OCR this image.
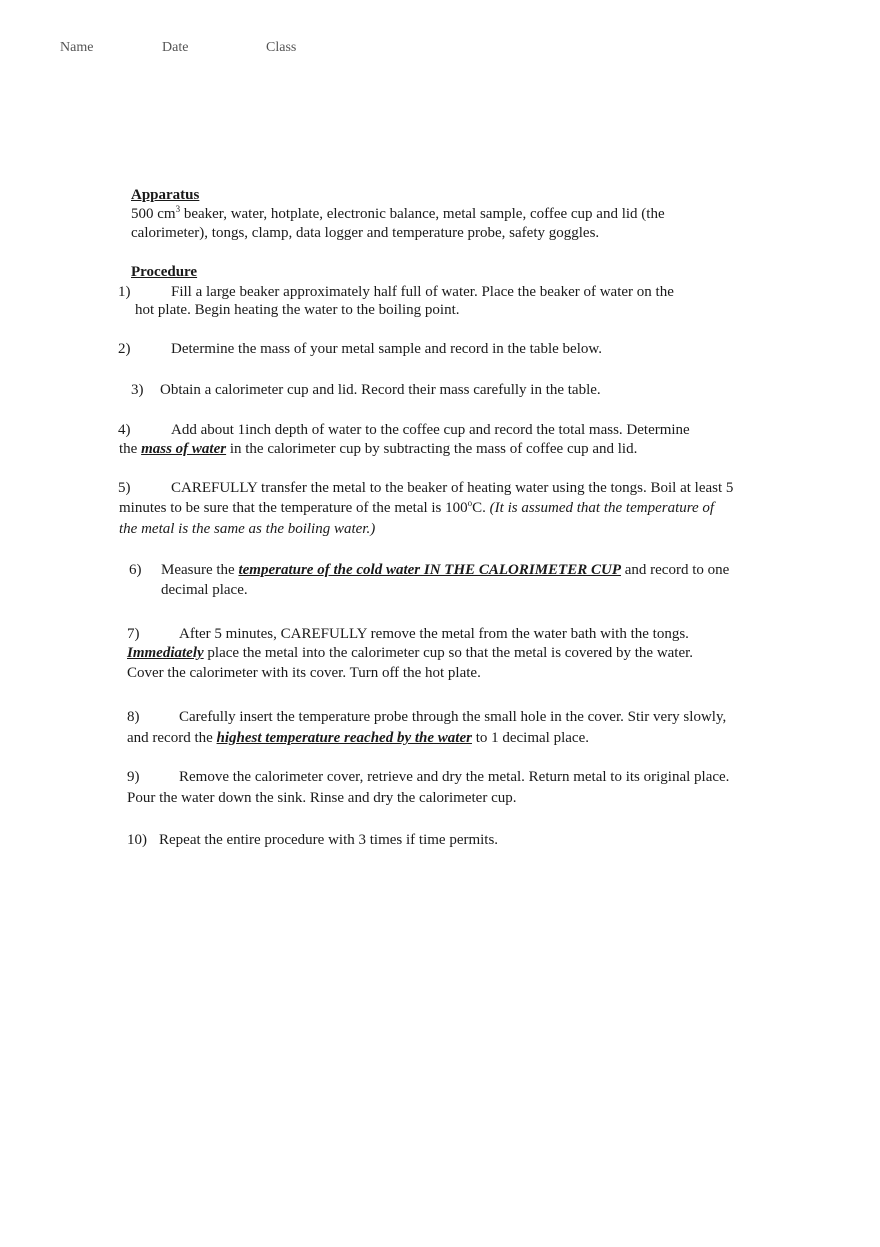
Name	Date	Class
Apparatus
500 $cm^3$ beaker, water, hotplate, electronic balance, metal sample, coffee cup and lid (the
calorimeter), tongs, clamp, data logger and temperature probe, safety goggles.
Procedure
1)	Fill a large beaker approximately half full of water. Place the beaker of water on the
hot plate. Begin heating the water to the boiling point.
2)	Determine the mass of your metal sample and record in the table below.
3) Obtain a calorimeter cup and lid. Record their mass carefully in the table.
4)	Add about 1inch depth of water to the coffee cup and record the total mass. Determine
the mass of water in the calorimeter cup by subtracting the mass of coffee cup and lid.
5)	CAREFULLY transfer the metal to the beaker of heating water using the tongs. Boil at least 5
minutes to be sure that the temperature of the metal is 100$^o$C. (It is assumed that the temperature of
the metal is the same as the boiling water.)
6) Measure the temperature of the cold water IN THE CALORIMETER CUP and record to one
decimal place.
7)	After 5 minutes, CAREFULLY remove the metal from the water bath with the tongs.
Immediately place the metal into the calorimeter cup so that the metal is covered by the water.
Cover the calorimeter with its cover. Turn off the hot plate.
8)	Carefully insert the temperature probe through the small hole in the cover. Stir very slowly,
and record the highest temperature reached by the water to 1 decimal place.
9)	Remove the calorimeter cover, retrieve and dry the metal. Return metal to its original place.
Pour the water down the sink. Rinse and dry the calorimeter cup.
10) Repeat the entire procedure with 3 times if time permits.
